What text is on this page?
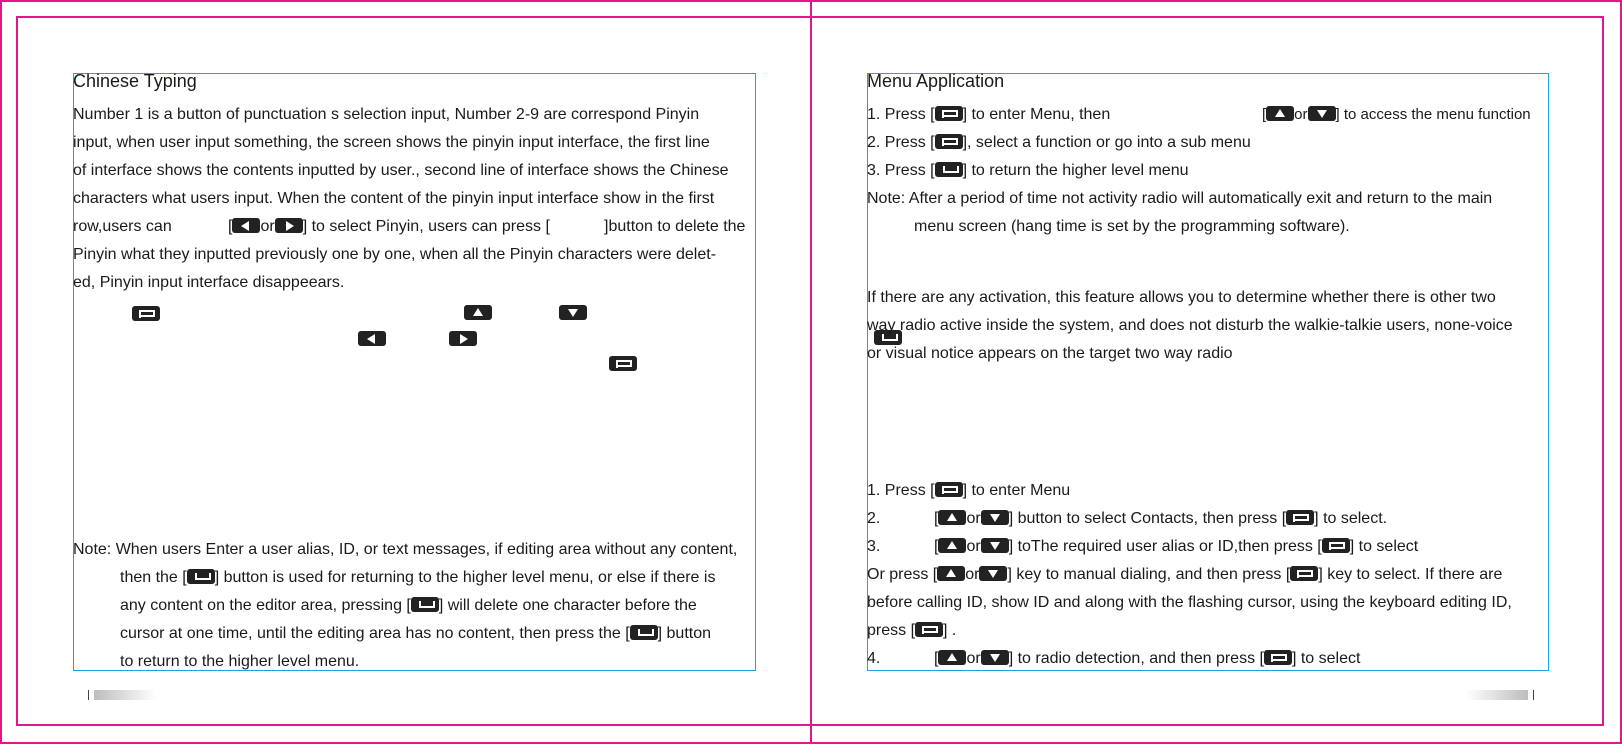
Chinese Typing
Number 1 is a button of punctuation s selection input, Number 2-9 are correspond Pinyin
input, when user input something, the screen shows the pinyin input interface, the first line
of interface shows the contents inputted by user., second line of interface shows the Chinese
characters what users input. When the content of the pinyin input interface show in the first
row,users can	[ or ] to select Pinyin, users can press [	]button to delete the
Pinyin what they inputted previously one by one, when all the Pinyin characters were delet-
ed, Pinyin input interface disappeears.

Note: When users Enter a user alias, ID, or text messages, if editing area without any content,
then the [ ] button is used for returning to the higher level menu, or else if there is
any content on the editor area, pressing [ ] will delete one character before the
cursor at one time, until the editing area has no content, then press the [ ] button
to return to the higher level menu.
Menu Application
1. Press [ ] to enter Menu, then	[ or ] to access the menu function
2. Press [ ], select a function or go into a sub menu
3. Press [ ] to return the higher level menu
Note: After a period of time not activity radio will automatically exit and return to the main
menu screen (hang time is set by the programming software).
If there are any activation, this feature allows you to determine whether there is other two
way radio active inside the system, and does not disturb the walkie-talkie users, none-voice
or visual notice appears on the target two way radio
1. Press [ ] to enter Menu
2.	[ or ] button to select Contacts, then press [ ] to select.
3.	[ or ] toThe required user alias or ID,then press [ ] to select
Or press [ or ] key to manual dialing, and then press [ ] key to select. If there are
before calling ID, show ID and along with the flashing cursor, using the keyboard editing ID,
press [ ] .
4.	[ or ] to radio detection, and then press [ ] to select
